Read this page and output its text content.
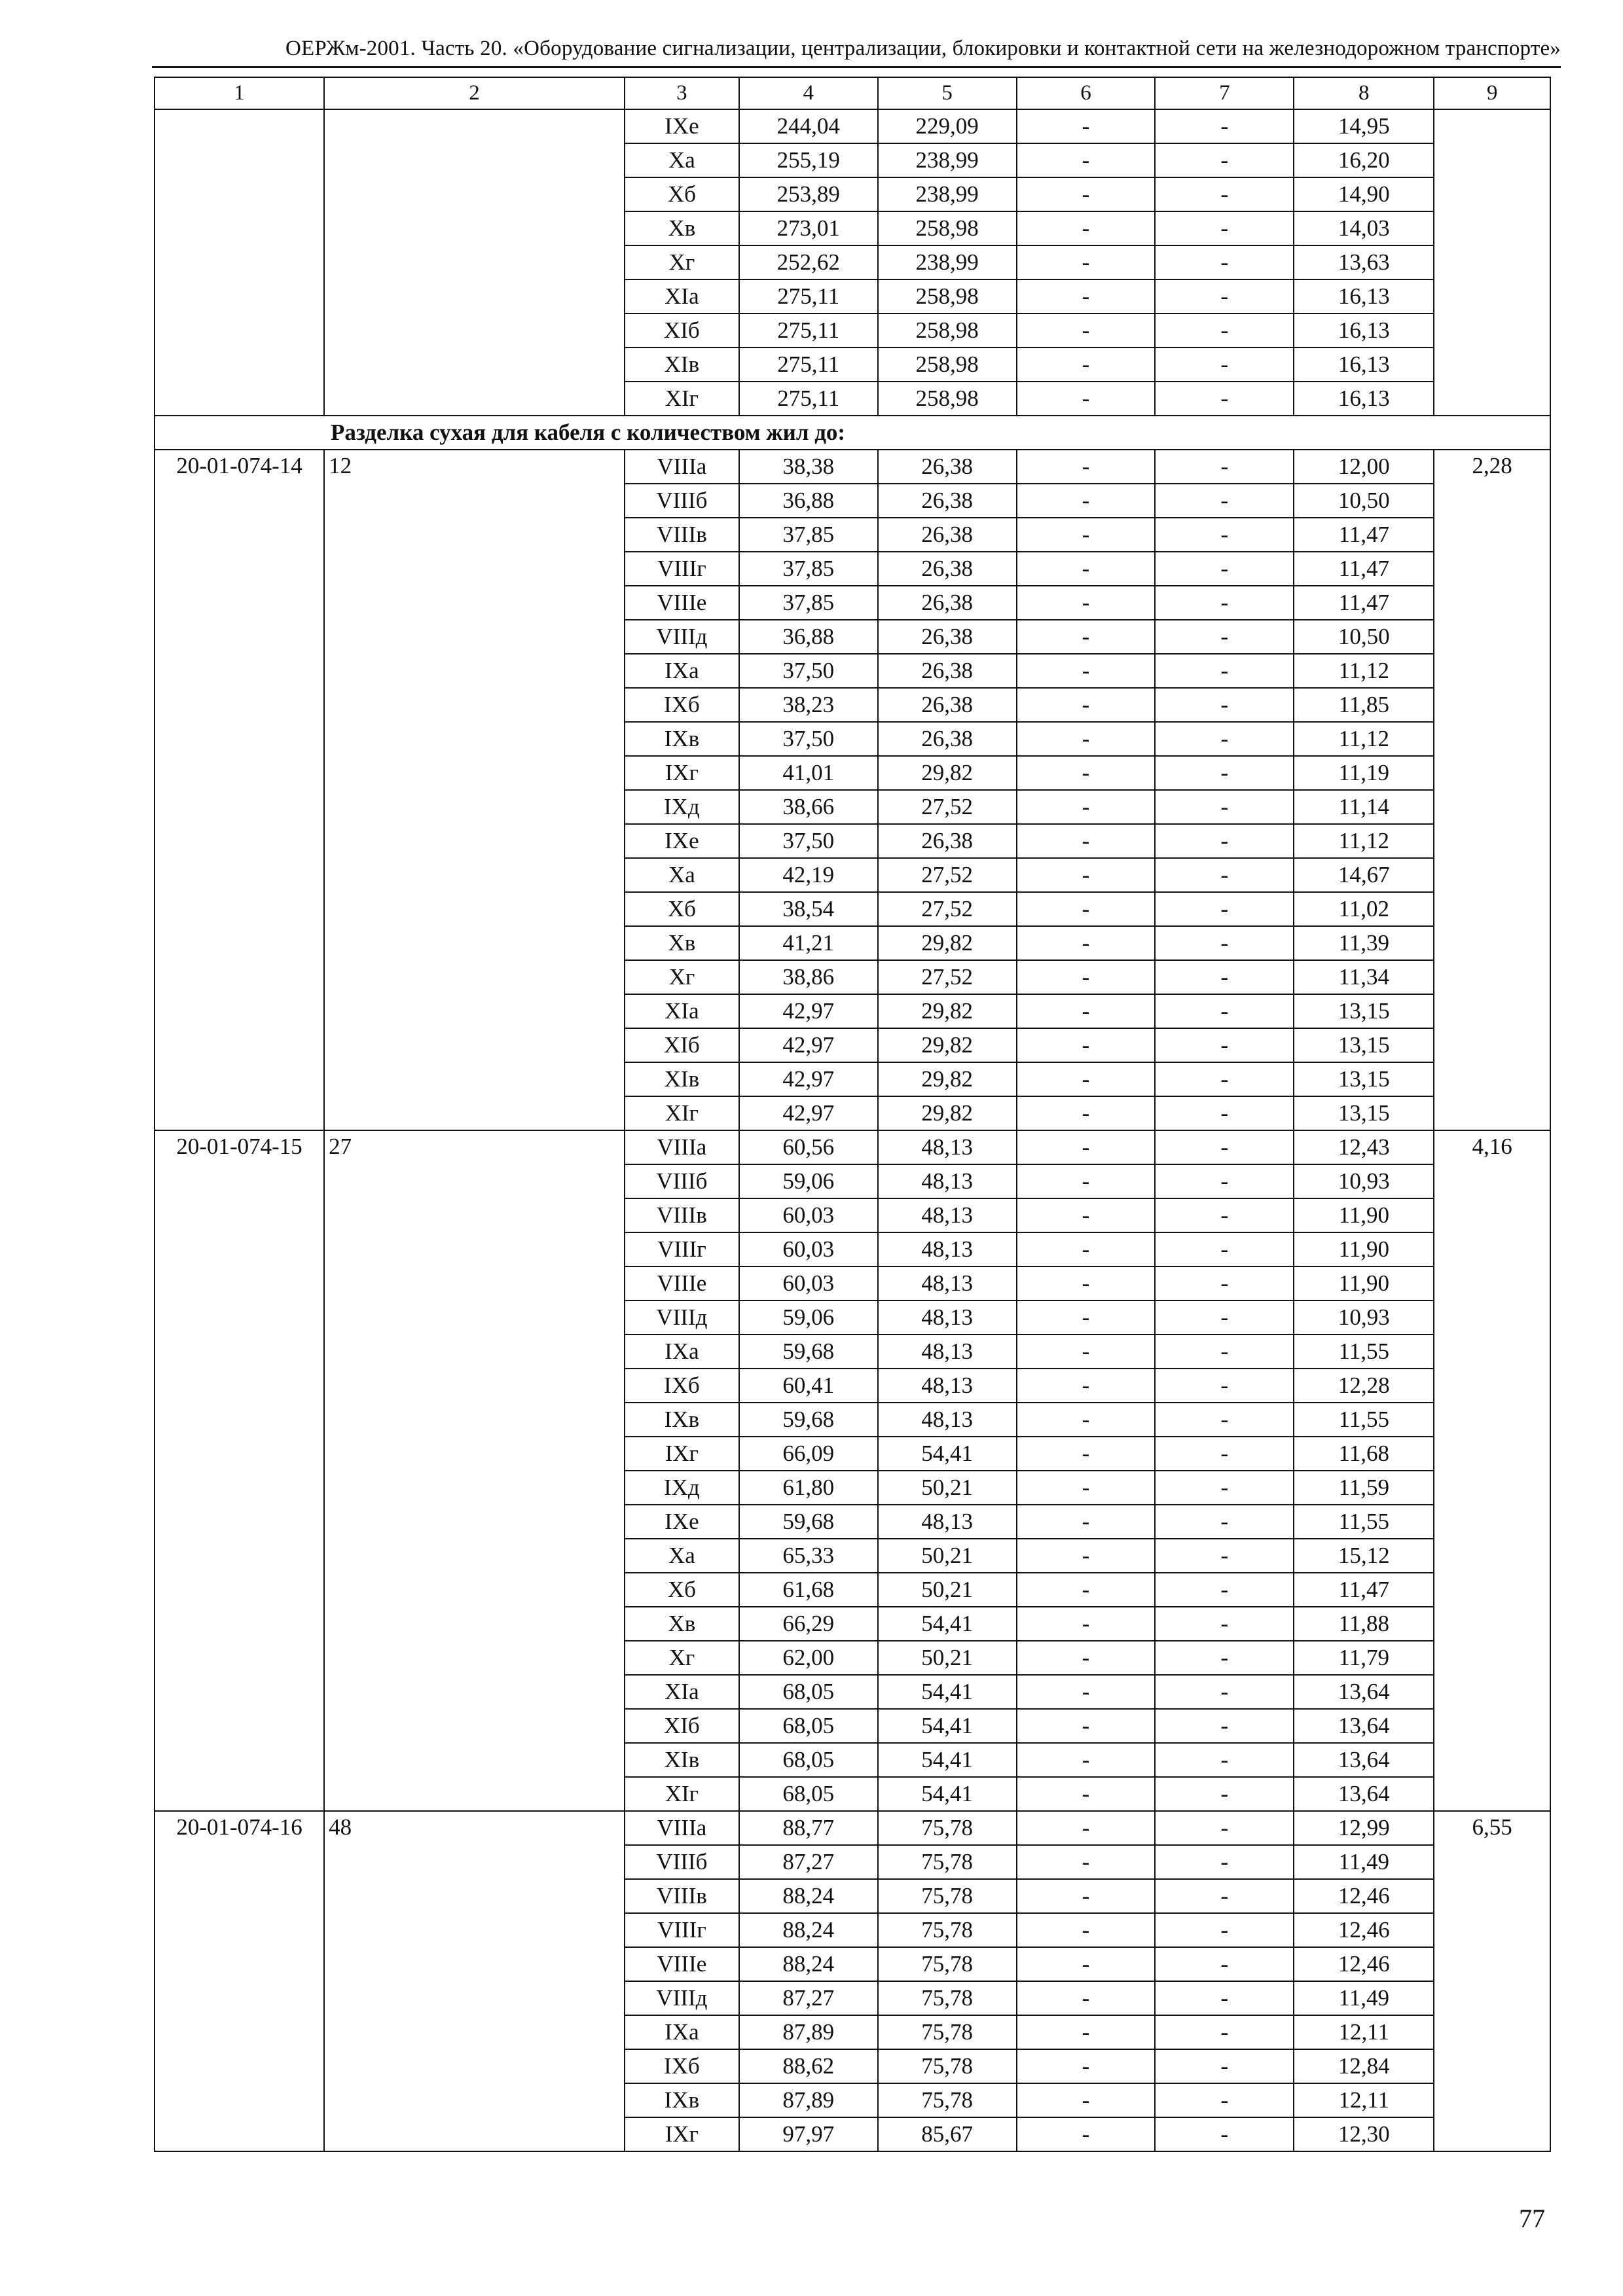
ОЕРЖм-2001. Часть 20. «Оборудование сигнализации, централизации, блокировки и контактной сети на железнодорожном транспорте»
1	2	3	4	5	6	7	8	9
		IXe	244,04	229,09	-	-	14,95	
		Xa	255,19	238,99	-	-	16,20	
		Xб	253,89	238,99	-	-	14,90	
		Xв	273,01	258,98	-	-	14,03	
		Xг	252,62	238,99	-	-	13,63	
		XIa	275,11	258,98	-	-	16,13	
		XIб	275,11	258,98	-	-	16,13	
		XIв	275,11	258,98	-	-	16,13	
		XIг	275,11	258,98	-	-	16,13	
Разделка сухая для кабеля с количеством жил до:								
20-01-074-14	12	VIIIa	38,38	26,38	-	-	12,00	2,28
		VIIIб	36,88	26,38	-	-	10,50	
		VIIIв	37,85	26,38	-	-	11,47	
		VIIIг	37,85	26,38	-	-	11,47	
		VIIIe	37,85	26,38	-	-	11,47	
		VIIIд	36,88	26,38	-	-	10,50	
		IXa	37,50	26,38	-	-	11,12	
		IXб	38,23	26,38	-	-	11,85	
		IXв	37,50	26,38	-	-	11,12	
		IXг	41,01	29,82	-	-	11,19	
		IXд	38,66	27,52	-	-	11,14	
		IXe	37,50	26,38	-	-	11,12	
		Xa	42,19	27,52	-	-	14,67	
		Xб	38,54	27,52	-	-	11,02	
		Xв	41,21	29,82	-	-	11,39	
		Xг	38,86	27,52	-	-	11,34	
		XIa	42,97	29,82	-	-	13,15	
		XIб	42,97	29,82	-	-	13,15	
		XIв	42,97	29,82	-	-	13,15	
		XIг	42,97	29,82	-	-	13,15	
20-01-074-15	27	VIIIa	60,56	48,13	-	-	12,43	4,16
		VIIIб	59,06	48,13	-	-	10,93	
		VIIIв	60,03	48,13	-	-	11,90	
		VIIIг	60,03	48,13	-	-	11,90	
		VIIIe	60,03	48,13	-	-	11,90	
		VIIIд	59,06	48,13	-	-	10,93	
		IXa	59,68	48,13	-	-	11,55	
		IXб	60,41	48,13	-	-	12,28	
		IXв	59,68	48,13	-	-	11,55	
		IXг	66,09	54,41	-	-	11,68	
		IXд	61,80	50,21	-	-	11,59	
		IXe	59,68	48,13	-	-	11,55	
		Xa	65,33	50,21	-	-	15,12	
		Xб	61,68	50,21	-	-	11,47	
		Xв	66,29	54,41	-	-	11,88	
		Xг	62,00	50,21	-	-	11,79	
		XIa	68,05	54,41	-	-	13,64	
		XIб	68,05	54,41	-	-	13,64	
		XIв	68,05	54,41	-	-	13,64	
		XIг	68,05	54,41	-	-	13,64	
20-01-074-16	48	VIIIa	88,77	75,78	-	-	12,99	6,55
		VIIIб	87,27	75,78	-	-	11,49	
		VIIIв	88,24	75,78	-	-	12,46	
		VIIIг	88,24	75,78	-	-	12,46	
		VIIIe	88,24	75,78	-	-	12,46	
		VIIIд	87,27	75,78	-	-	11,49	
		IXa	87,89	75,78	-	-	12,11	
		IXб	88,62	75,78	-	-	12,84	
		IXв	87,89	75,78	-	-	12,11	
		IXг	97,97	85,67	-	-	12,30	
77
